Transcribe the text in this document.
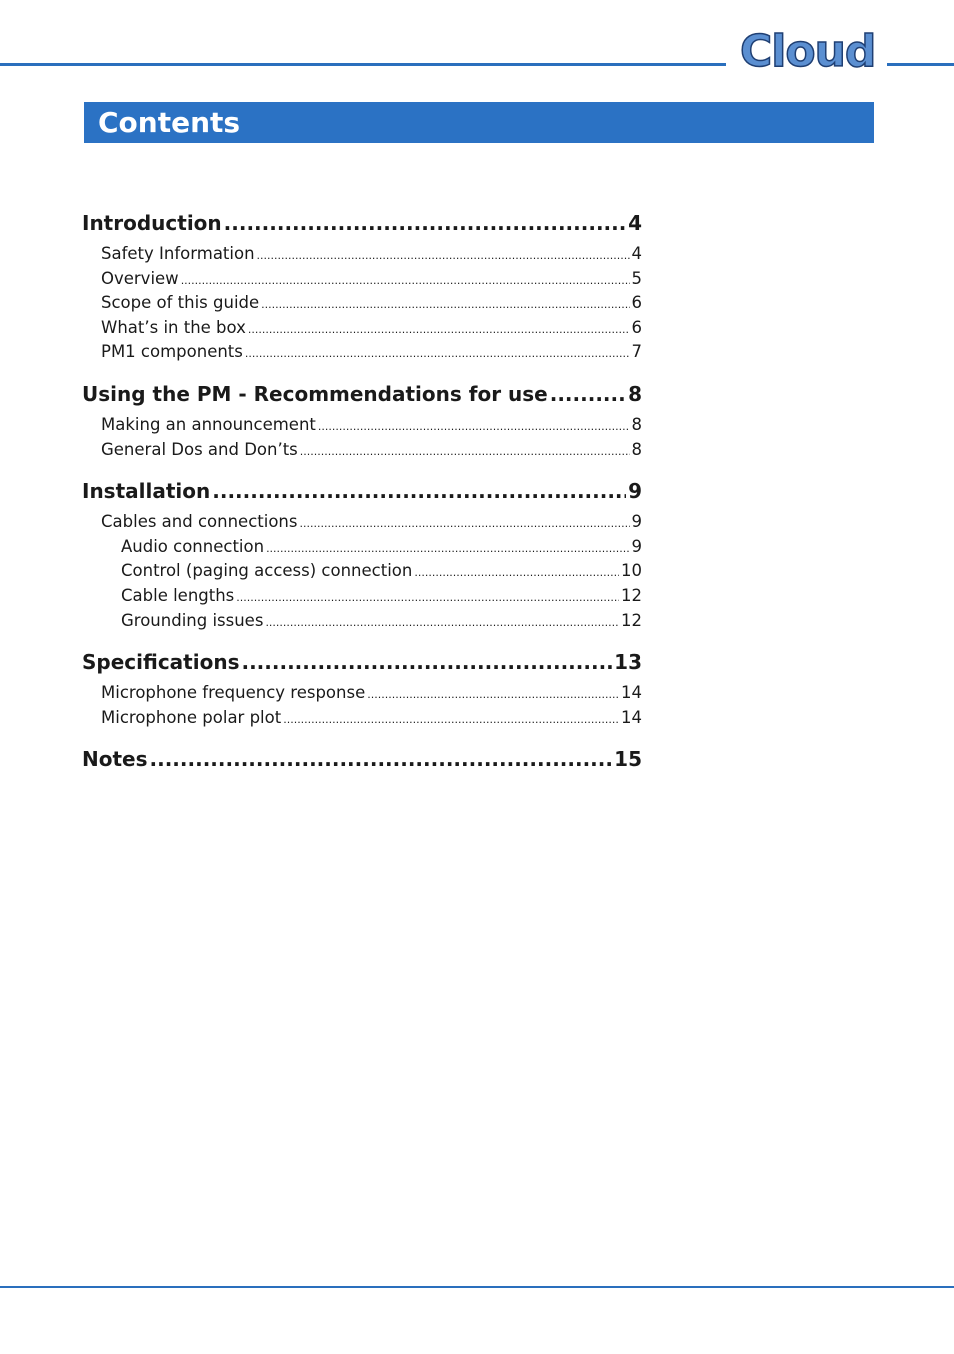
Cloud
Contents
Introduction .....	4
Safety Information .....	4
Overview .....	5
Scope of this guide .....	6
What’s in the box .....	6
PM1 components .....	7
Using the PM - Recommendations for use .....	8
Making an announcement .....	8
General Dos and Don’ts .....	8
Installation .....	9
Cables and connections .....	9
Audio connection .....	9
Control (paging access) connection .....	10
Cable lengths .....	12
Grounding issues .....	12
Specifications .....	13
Microphone frequency response .....	14
Microphone polar plot .....	14
Notes .....	15
